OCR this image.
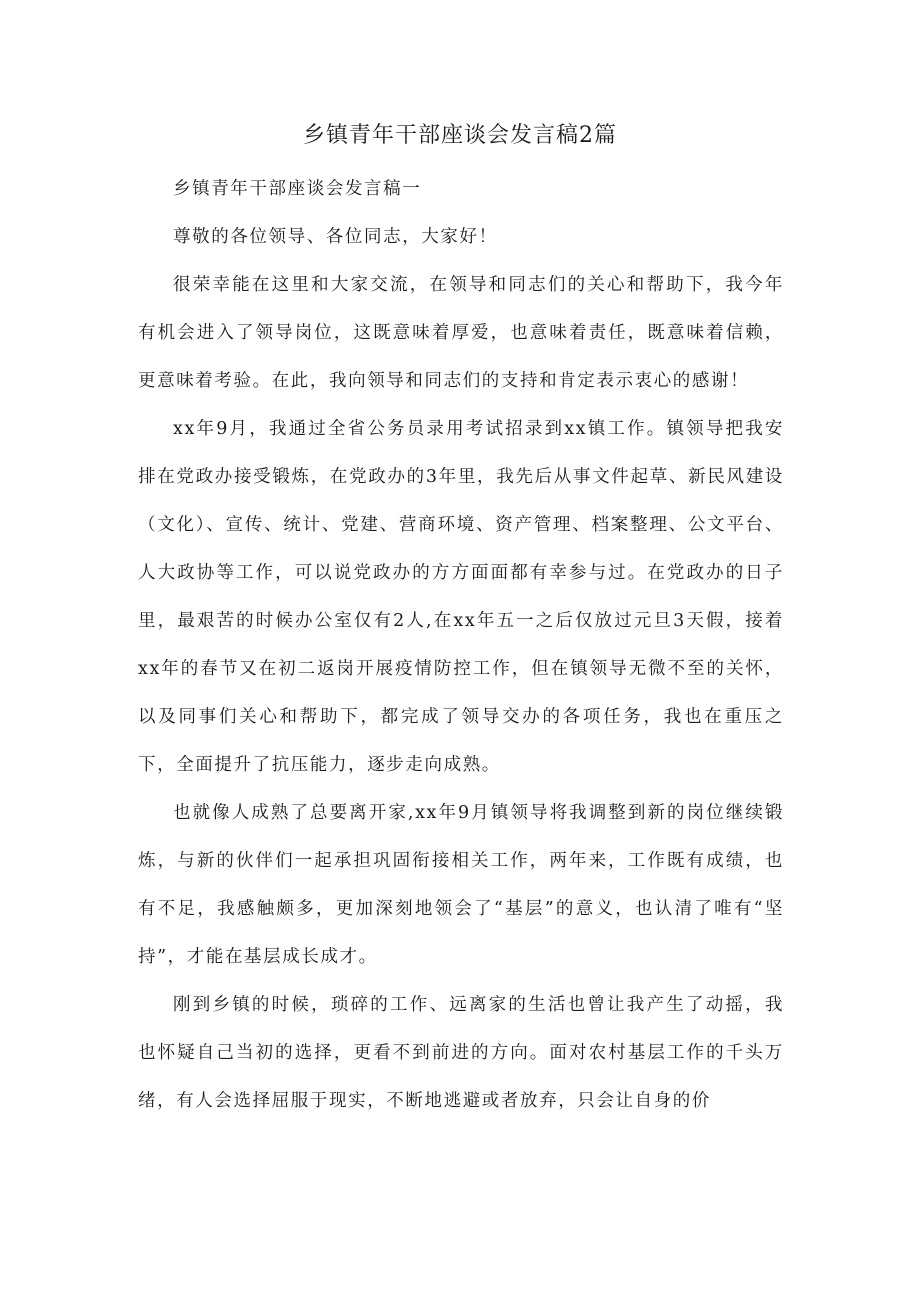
乡镇青年干部座谈会发言稿2篇

乡镇青年干部座谈会发言稿一

尊敬的各位领导、各位同志，大家好！

很荣幸能在这里和大家交流，在领导和同志们的关心和帮助下，我今年有机会进入了领导岗位，这既意味着厚爱，也意味着责任，既意味着信赖，更意味着考验。在此，我向领导和同志们的支持和肯定表示衷心的感谢！

xx年9月，我通过全省公务员录用考试招录到xx镇工作。镇领导把我安排在党政办接受锻炼，在党政办的3年里，我先后从事文件起草、新民风建设（文化）、宣传、统计、党建、营商环境、资产管理、档案整理、公文平台、人大政协等工作，可以说党政办的方方面面都有幸参与过。在党政办的日子里，最艰苦的时候办公室仅有2人,在xx年五一之后仅放过元旦3天假，接着xx年的春节又在初二返岗开展疫情防控工作，但在镇领导无微不至的关怀，以及同事们关心和帮助下，都完成了领导交办的各项任务，我也在重压之下，全面提升了抗压能力，逐步走向成熟。

也就像人成熟了总要离开家,xx年9月镇领导将我调整到新的岗位继续锻炼，与新的伙伴们一起承担巩固衔接相关工作，两年来，工作既有成绩，也有不足，我感触颇多，更加深刻地领会了“基层”的意义，也认清了唯有“坚持”，才能在基层成长成才。

刚到乡镇的时候，琐碎的工作、远离家的生活也曾让我产生了动摇，我也怀疑自己当初的选择，更看不到前进的方向。面对农村基层工作的千头万绪，有人会选择屈服于现实，不断地逃避或者放弃，只会让自身的价
